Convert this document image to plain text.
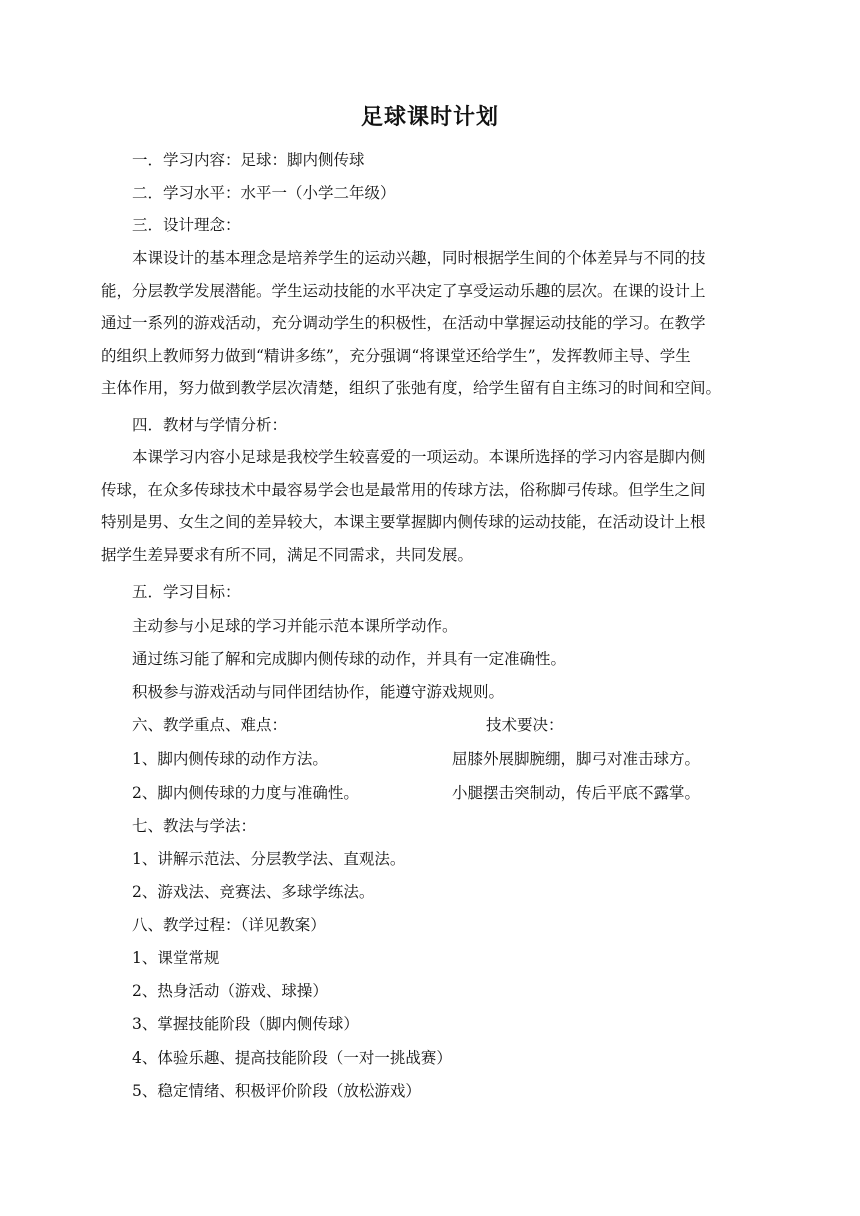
足球课时计划
一．学习内容：足球：脚内侧传球
二．学习水平：水平一（小学二年级）
三．设计理念：
本课设计的基本理念是培养学生的运动兴趣，同时根据学生间的个体差异与不同的技
能，分层教学发展潜能。学生运动技能的水平决定了享受运动乐趣的层次。在课的设计上
通过一系列的游戏活动，充分调动学生的积极性，在活动中掌握运动技能的学习。在教学
的组织上教师努力做到“精讲多练”，充分强调“将课堂还给学生”，发挥教师主导、学生
主体作用，努力做到教学层次清楚，组织了张弛有度，给学生留有自主练习的时间和空间。
四．教材与学情分析：
本课学习内容小足球是我校学生较喜爱的一项运动。本课所选择的学习内容是脚内侧
传球，在众多传球技术中最容易学会也是最常用的传球方法，俗称脚弓传球。但学生之间
特别是男、女生之间的差异较大，本课主要掌握脚内侧传球的运动技能，在活动设计上根
据学生差异要求有所不同，满足不同需求，共同发展。
五．学习目标：
主动参与小足球的学习并能示范本课所学动作。
通过练习能了解和完成脚内侧传球的动作，并具有一定准确性。
积极参与游戏活动与同伴团结协作，能遵守游戏规则。
六、教学重点、难点：	技术要决：
1、脚内侧传球的动作方法。	屈膝外展脚腕绷，脚弓对准击球方。
2、脚内侧传球的力度与准确性。	小腿摆击突制动，传后平底不露掌。
七、教法与学法：
1、讲解示范法、分层教学法、直观法。
2、游戏法、竞赛法、多球学练法。
八、教学过程：（详见教案）
1、课堂常规
2、热身活动（游戏、球操）
3、掌握技能阶段（脚内侧传球）
4、体验乐趣、提高技能阶段（一对一挑战赛）
5、稳定情绪、积极评价阶段（放松游戏）
